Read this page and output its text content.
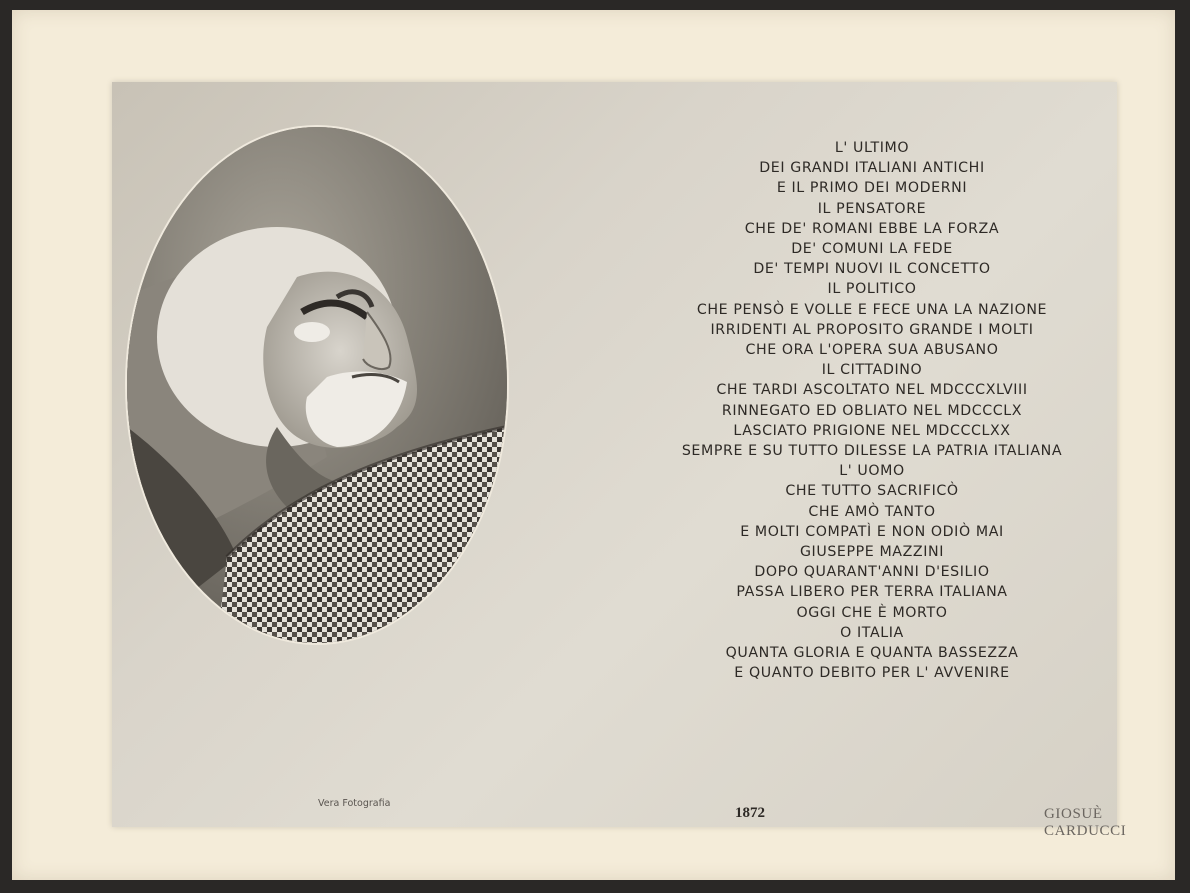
L' ULTIMO
DEI GRANDI ITALIANI ANTICHI
E IL PRIMO DEI MODERNI
IL PENSATORE
CHE DE' ROMANI EBBE LA FORZA
DE' COMUNI LA FEDE
DE' TEMPI NUOVI IL CONCETTO
IL POLITICO
CHE PENSÒ E VOLLE E FECE UNA LA NAZIONE
IRRIDENTI AL PROPOSITO GRANDE I MOLTI
CHE ORA L'OPERA SUA ABUSANO
IL CITTADINO
CHE TARDI ASCOLTATO NEL MDCCCXLVIII
RINNEGATO ED OBLIATO NEL MDCCCLX
LASCIATO PRIGIONE NEL MDCCCLXX
SEMPRE E SU TUTTO DILESSE LA PATRIA ITALIANA
L' UOMO
CHE TUTTO SACRIFICÒ
CHE AMÒ TANTO
E MOLTI COMPATÌ E NON ODIÒ MAI
GIUSEPPE MAZZINI
DOPO QUARANT'ANNI D'ESILIO
PASSA LIBERO PER TERRA ITALIANA
OGGI CHE È MORTO
O ITALIA
QUANTA GLORIA E QUANTA BASSEZZA
E QUANTO DEBITO PER L' AVVENIRE
Vera Fotografia
1872	GIOSUÈ CARDUCCI
